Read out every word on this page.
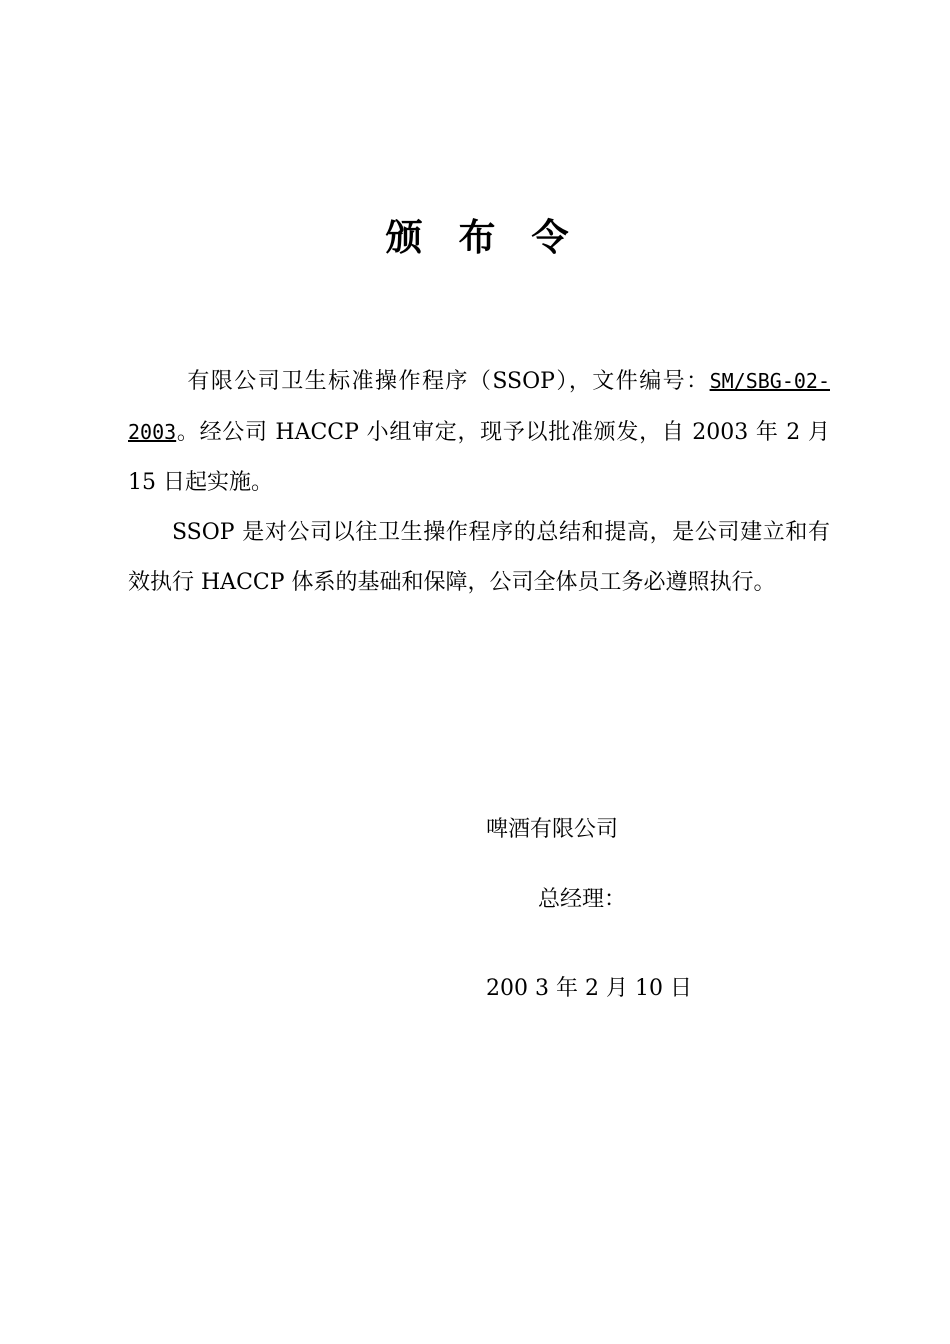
颁布令

有限公司卫生标准操作程序（SSOP），文件编号：SM/SBG-02-2003。经公司 HACCP 小组审定，现予以批准颁发，自 2003 年 2 月 15 日起实施。

SSOP 是对公司以往卫生操作程序的总结和提高，是公司建立和有效执行 HACCP 体系的基础和保障，公司全体员工务必遵照执行。

啤酒有限公司
总经理：
200 3 年 2 月 10 日
